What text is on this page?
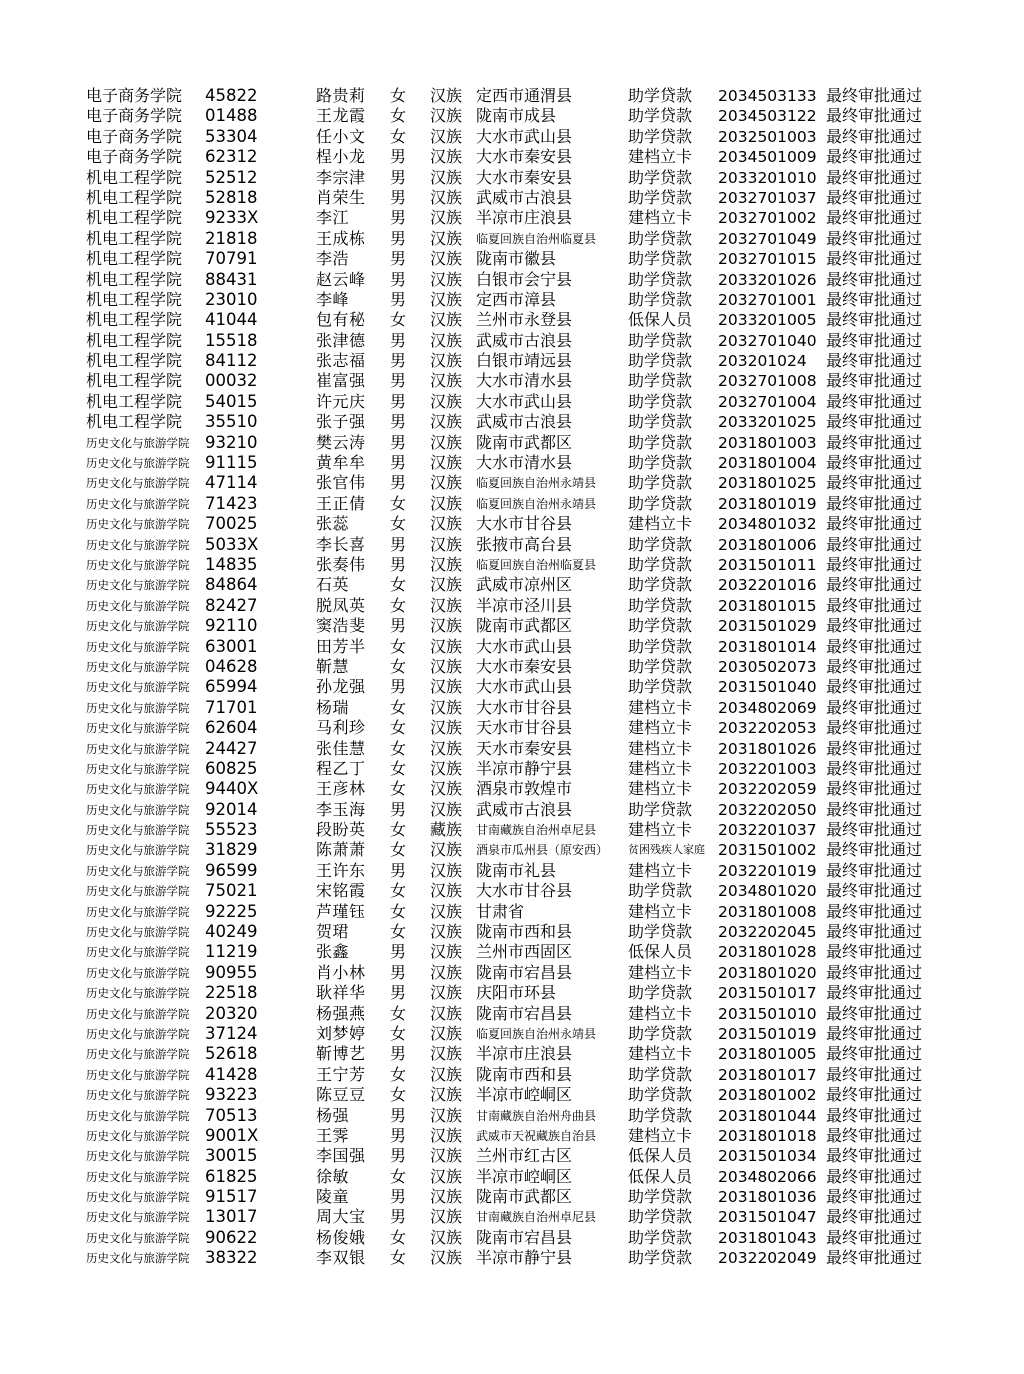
电子商务学院 45822	路贵莉 女 汉族 定西市通渭县	助学贷款 2034503133 最终审批通过
电子商务学院 01488	王龙霞 女 汉族 陇南市成县	助学贷款 2034503122 最终审批通过
电子商务学院 53304	任小文 女 汉族 大水市武山县	助学贷款 2032501003 最终审批通过
电子商务学院 62312	桯小龙 男 汉族 大水市秦安县	建档立卡 2034501009 最终审批通过
机电工程学院 52512	李宗津 男 汉族 大水市秦安县	助学贷款 2033201010 最终审批通过
机电工程学院 52818	肖荣生 男 汉族 武威市古浪县	助学贷款 2032701037 最终审批通过
机电工程学院 9233X	李江	男 汉族 半凉市庄浪县	建档立卡 2032701002 最终审批通过
机电工程学院 21818	王成栋 男 汉族 临夏回族自治州临夏县 助学贷款 2032701049 最终审批通过
机电工程学院 70791	李浩	男 汉族 陇南市徽县	助学贷款 2032701015 最终审批通过
机电工程学院 88431	赵云峰 男 汉族 白银市会宁县	助学贷款 2033201026 最终审批通过
机电工程学院 23010	李峰	男 汉族 定西市漳县	助学贷款 2032701001 最终审批通过
机电工程学院 41044	包有秘 女 汉族 兰州市永登县	低保人员 2033201005 最终审批通过
机电工程学院 15518	张津德 男 汉族 武威市古浪县	助学贷款 2032701040 最终审批通过
机电工程学院 84112	张志福 男 汉族 白银市靖远县	助学贷款 203201024 最终审批通过
机电工程学院 00032	崔富强 男 汉族 大水市清水县	助学贷款 2032701008 最终审批通过
机电工程学院 54015	许元庆 男 汉族 大水市武山县	助学贷款 2032701004 最终审批通过
机电工程学院 35510	张子强 男 汉族 武威市古浪县	助学贷款 2033201025 最终审批通过
历史文化与旅游学院 93210	樊云涛 男 汉族 陇南市武都区	助学贷款 2031801003 最终审批通过
历史文化与旅游学院 91115	黄牟牟 男 汉族 大水市清水县	助学贷款 2031801004 最终审批通过
历史文化与旅游学院 47114	张官伟 男 汉族 临夏回族自治州永靖县 助学贷款 2031801025 最终审批通过
历史文化与旅游学院 71423	王正倩 女 汉族 临夏回族自治州永靖县 助学贷款 2031801019 最终审批通过
历史文化与旅游学院 70025	张蕊	女 汉族 大水市甘谷县	建档立卡 2034801032 最终审批通过
历史文化与旅游学院 5033X	李长喜 男 汉族 张掖市高台县	助学贷款 2031801006 最终审批通过
历史文化与旅游学院 14835	张奏伟 男 汉族 临夏回族自治州临夏县 助学贷款 2031501011 最终审批通过
历史文化与旅游学院 84864	石英	女 汉族 武威市凉州区	助学贷款 2032201016 最终审批通过
历史文化与旅游学院 82427	脱凤英 女 汉族 半凉市泾川县	助学贷款 2031801015 最终审批通过
历史文化与旅游学院 92110	窦浩斐 男 汉族 陇南市武都区	助学贷款 2031501029 最终审批通过
历史文化与旅游学院 63001	田芳半 女 汉族 大水市武山县	助学贷款 2031801014 最终审批通过
历史文化与旅游学院 04628	靳慧	女 汉族 大水市秦安县	助学贷款 2030502073 最终审批通过
历史文化与旅游学院 65994	孙龙强 男 汉族 大水市武山县	助学贷款 2031501040 最终审批通过
历史文化与旅游学院 71701	杨瑞	女 汉族 大水市甘谷县	建档立卡 2034802069 最终审批通过
历史文化与旅游学院 62604	马利珍 女 汉族 天水市甘谷县	建档立卡 2032202053 最终审批通过
历史文化与旅游学院 24427	张佳慧 女 汉族 天水市秦安县	建档立卡 2031801026 最终审批通过
历史文化与旅游学院 60825	程乙丁 女 汉族 半凉市静宁县	建档立卡 2032201003 最终审批通过
历史文化与旅游学院 9440X	王彦林 女 汉族 酒泉市敦煌市	建档立卡 2032202059 最终审批通过
历史文化与旅游学院 92014	李玉海 男 汉族 武威市古浪县	助学贷款 2032202050 最终审批通过
历史文化与旅游学院 55523	段盼英 女 藏族 甘南藏族自治州卓尼县 建档立卡 2032201037 最终审批通过
历史文化与旅游学院 31829	陈萧萧 女 汉族 酒泉市瓜州县（原安西） 贫困残疾人家庭 2031501002 最终审批通过
历史文化与旅游学院 96599	王许东 男 汉族 陇南市礼县	建档立卡 2032201019 最终审批通过
历史文化与旅游学院 75021	宋铭霞 女 汉族 大水市甘谷县	助学贷款 2034801020 最终审批通过
历史文化与旅游学院 92225	芦瑾钰 女 汉族 甘肃省	建档立卡 2031801008 最终审批通过
历史文化与旅游学院 40249	贺珺	女 汉族 陇南市西和县	助学贷款 2032202045 最终审批通过
历史文化与旅游学院 11219	张鑫	男 汉族 兰州市西固区	低保人员 2031801028 最终审批通过
历史文化与旅游学院 90955	肖小林 男 汉族 陇南市宕昌县	建档立卡 2031801020 最终审批通过
历史文化与旅游学院 22518	耿祥华 男 汉族 庆阳市环县	助学贷款 2031501017 最终审批通过
历史文化与旅游学院 20320	杨强燕 女 汉族 陇南市宕昌县	建档立卡 2031501010 最终审批通过
历史文化与旅游学院 37124	刘梦婷 女 汉族 临夏回族自治州永靖县 助学贷款 2031501019 最终审批通过
历史文化与旅游学院 52618	靳博艺 男 汉族 半凉市庄浪县	建档立卡 2031801005 最终审批通过
历史文化与旅游学院 41428	王宁芳 女 汉族 陇南市西和县	助学贷款 2031801017 最终审批通过
历史文化与旅游学院 93223	陈豆豆 女 汉族 半凉市崆峒区	助学贷款 2031801002 最终审批通过
历史文化与旅游学院 70513	杨强	男 汉族 甘南藏族自治州舟曲县 助学贷款 2031801044 最终审批通过
历史文化与旅游学院 9001X	王霁	男 汉族 武威市天祝藏族自治县 建档立卡 2031801018 最终审批通过
历史文化与旅游学院 30015	李国强 男 汉族 兰州市红古区	低保人员 2031501034 最终审批通过
历史文化与旅游学院 61825	徐敏	女 汉族 半凉市崆峒区	低保人员 2034802066 最终审批通过
历史文化与旅游学院 91517	陵童	男 汉族 陇南市武都区	助学贷款 2031801036 最终审批通过
历史文化与旅游学院 13017	周大宝 男 汉族 甘南藏族自治州卓尼县 助学贷款 2031501047 最终审批通过
历史文化与旅游学院 90622	杨俊娥 女 汉族 陇南市宕昌县	助学贷款 2031801043 最终审批通过
历史文化与旅游学院 38322	李双银 女 汉族 半凉市静宁县	助学贷款 2032202049 最终审批通过
